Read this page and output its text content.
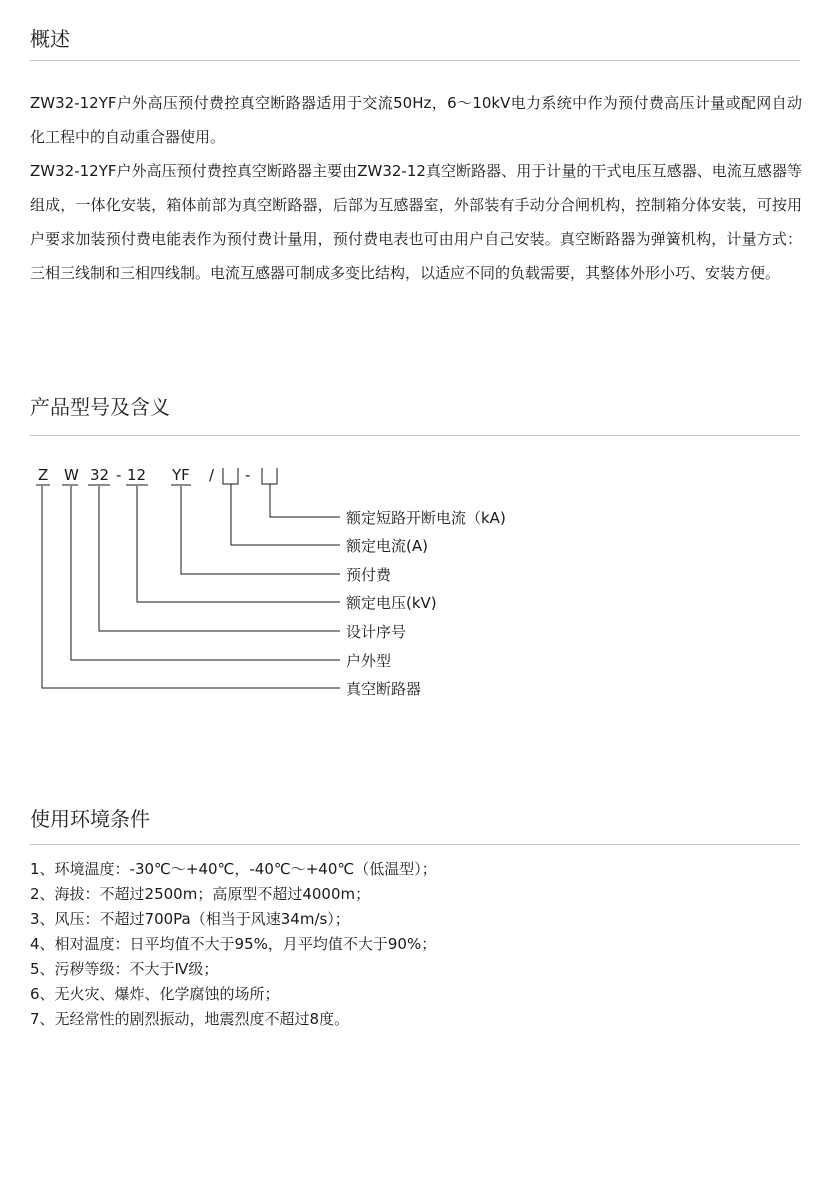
概述

ZW32-12YF户外高压预付费控真空断路器适用于交流50Hz，6～10kV电力系统中作为预付费高压计量或配网自动化工程中的自动重合器使用。

ZW32-12YF户外高压预付费控真空断路器主要由ZW32-12真空断路器、用于计量的干式电压互感器、电流互感器等组成，一体化安装，箱体前部为真空断路器，后部为互感器室，外部装有手动分合闸机构，控制箱分体安装，可按用户要求加装预付费电能表作为预付费计量用，预付费电表也可由用户自己安装。真空断路器为弹簧机构，计量方式： 三相三线制和三相四线制。电流互感器可制成多变比结构，以适应不同的负载需要，其整体外形小巧、安装方便。

产品型号及含义
Z W 32 - 12 YF / -
额定短路开断电流（kA)
额定电流(A)
预付费
额定电压(kV)
设计序号
户外型
真空断路器
使用环境条件
1、环境温度：-30℃～+40℃，-40℃～+40℃（低温型）；
2、海拔：不超过2500m；高原型不超过4000m；
3、风压：不超过700Pa（相当于风速34m/s）；
4、相对温度：日平均值不大于95%，月平均值不大于90%；
5、污秽等级：不大于Ⅳ级；
6、无火灾、爆炸、化学腐蚀的场所；
7、无经常性的剧烈振动，地震烈度不超过8度。
